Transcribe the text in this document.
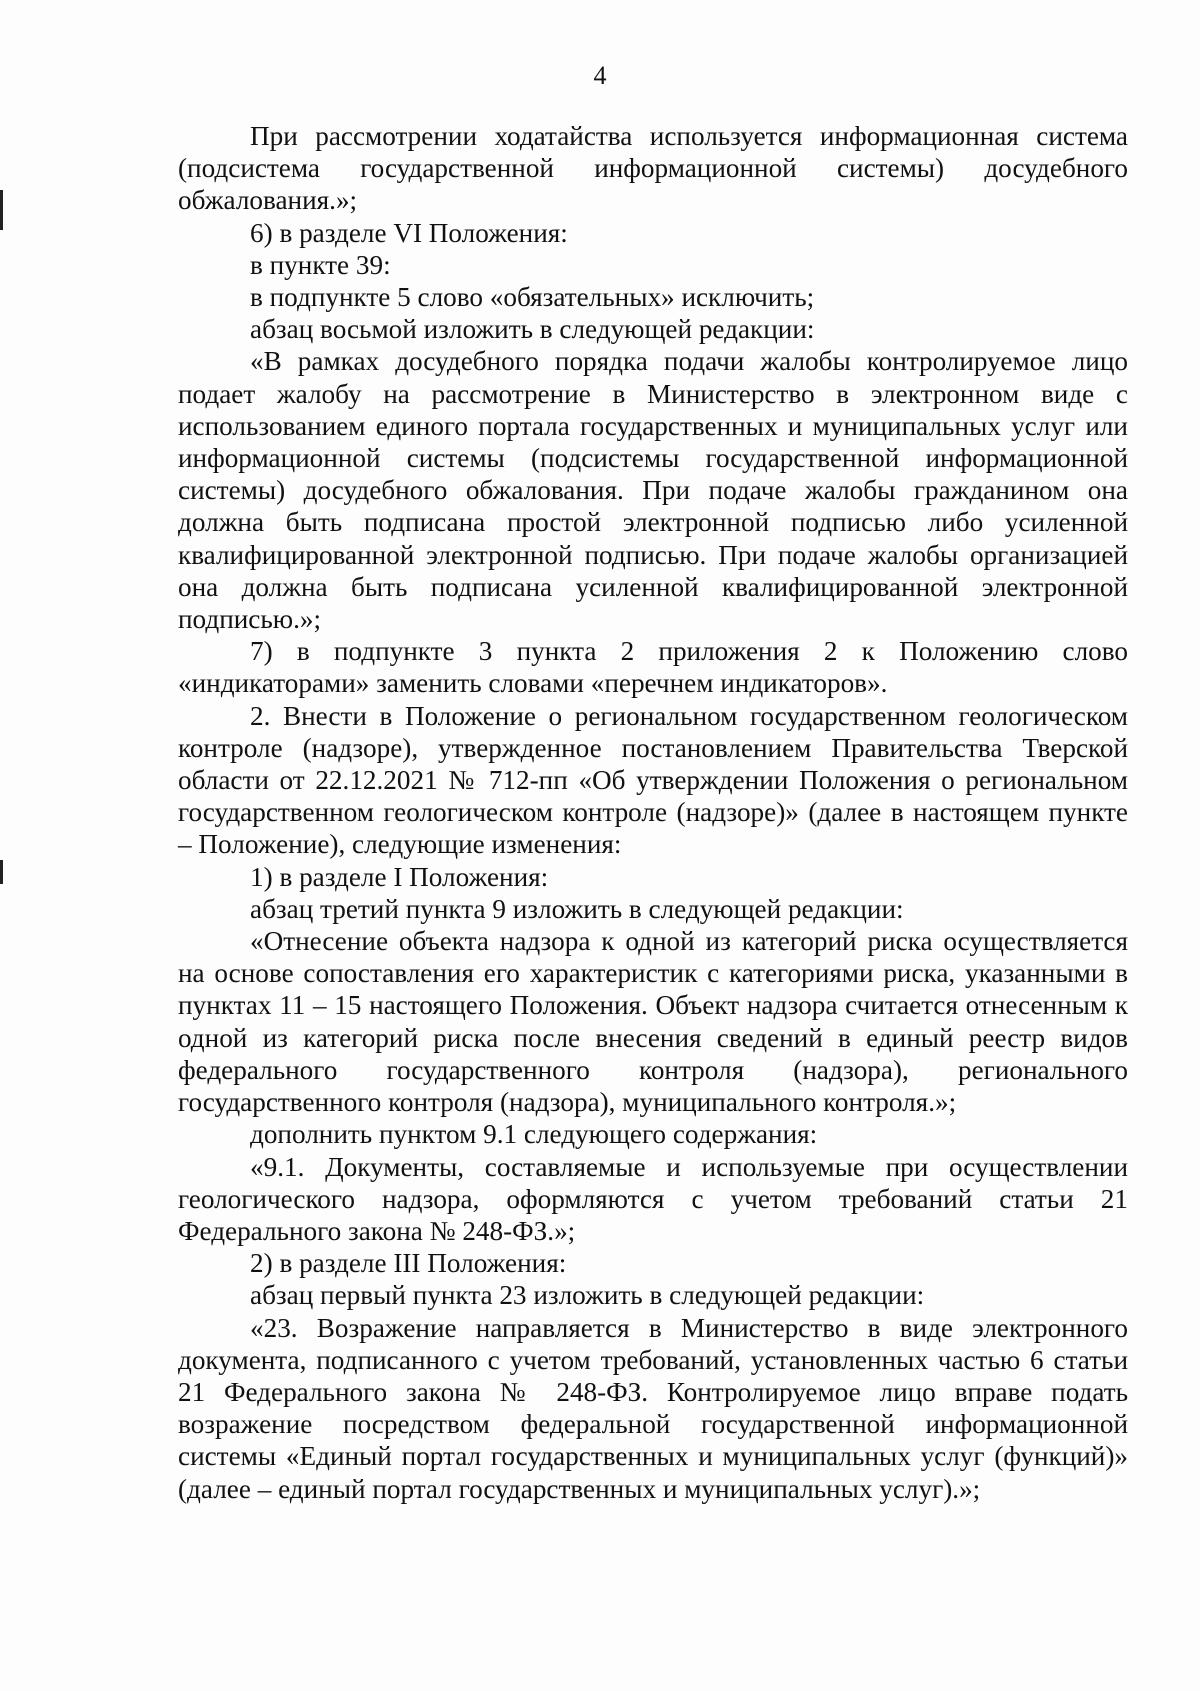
4

При рассмотрении ходатайства используется информационная система (подсистема государственной информационной системы) досудебного обжалования.»;

6) в разделе VI Положения:

в пункте 39:

в подпункте 5 слово «обязательных» исключить;

абзац восьмой изложить в следующей редакции:

«В рамках досудебного порядка подачи жалобы контролируемое лицо подает жалобу на рассмотрение в Министерство в электронном виде с использованием единого портала государственных и муниципальных услуг или информационной системы (подсистемы государственной информационной системы) досудебного обжалования. При подаче жалобы гражданином она должна быть подписана простой электронной подписью либо усиленной квалифицированной электронной подписью. При подаче жалобы организацией она должна быть подписана усиленной квалифицированной электронной подписью.»;

7) в подпункте 3 пункта 2 приложения 2 к Положению слово «индикаторами» заменить словами «перечнем индикаторов».

2. Внести в Положение о региональном государственном геологическом контроле (надзоре), утвержденное постановлением Правительства Тверской области от 22.12.2021 № 712-пп «Об утверждении Положения о региональном государственном геологическом контроле (надзоре)» (далее в настоящем пункте – Положение), следующие изменения:

1) в разделе I Положения:

абзац третий пункта 9 изложить в следующей редакции:

«Отнесение объекта надзора к одной из категорий риска осуществляется на основе сопоставления его характеристик с категориями риска, указанными в пунктах 11 – 15 настоящего Положения. Объект надзора считается отнесенным к одной из категорий риска после внесения сведений в единый реестр видов федерального государственного контроля (надзора), регионального государственного контроля (надзора), муниципального контроля.»;

дополнить пунктом 9.1 следующего содержания:

«9.1. Документы, составляемые и используемые при осуществлении геологического надзора, оформляются с учетом требований статьи 21 Федерального закона № 248-ФЗ.»;

2) в разделе III Положения:

абзац первый пункта 23 изложить в следующей редакции:

«23. Возражение направляется в Министерство в виде электронного документа, подписанного с учетом требований, установленных частью 6 статьи 21 Федерального закона № 248-ФЗ. Контролируемое лицо вправе подать возражение посредством федеральной государственной информационной системы «Единый портал государственных и муниципальных услуг (функций)» (далее – единый портал государственных и муниципальных услуг).»;
